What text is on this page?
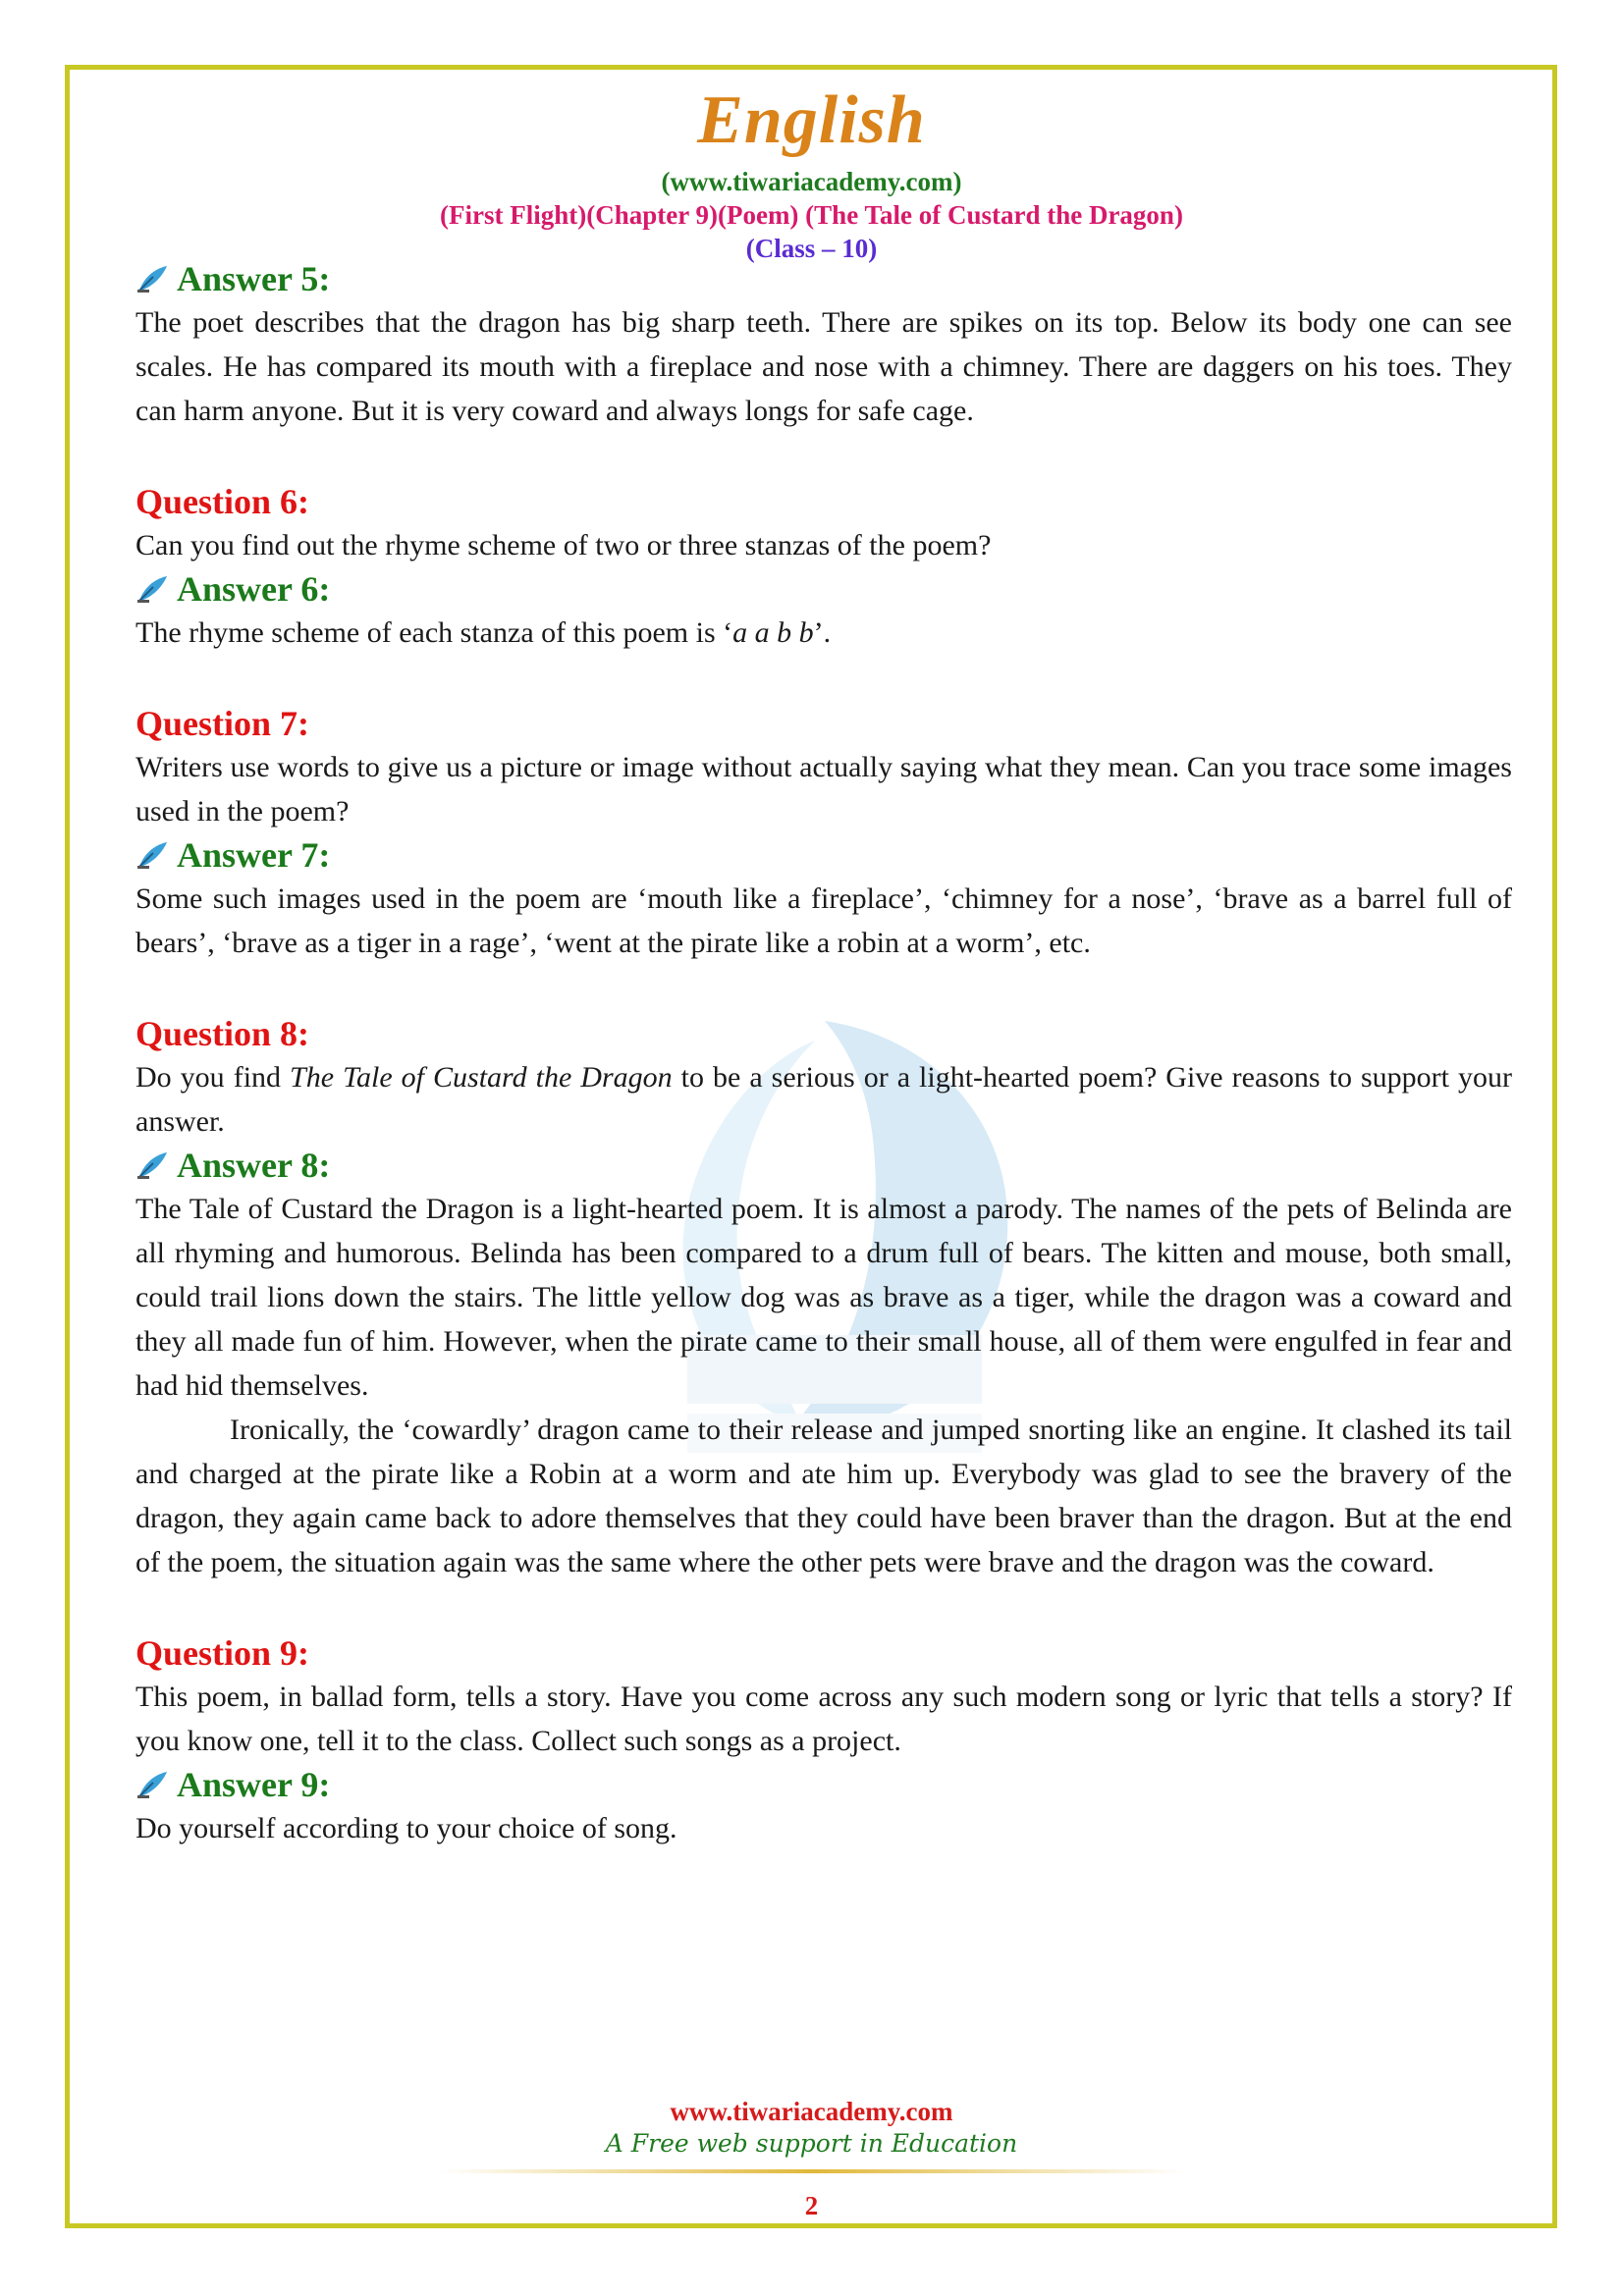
English
(www.tiwariacademy.com)
(First Flight)(Chapter 9)(Poem) (The Tale of Custard the Dragon)
(Class – 10)
Answer 5:

The poet describes that the dragon has big sharp teeth. There are spikes on its top. Below its body one can see scales. He has compared its mouth with a fireplace and nose with a chimney. There are daggers on his toes. They can harm anyone. But it is very coward and always longs for safe cage.

Question 6:

Can you find out the rhyme scheme of two or three stanzas of the poem?

Answer 6:

The rhyme scheme of each stanza of this poem is ‘a a b b’.

Question 7:

Writers use words to give us a picture or image without actually saying what they mean. Can you trace some images used in the poem?

Answer 7:

Some such images used in the poem are ‘mouth like a fireplace’, ‘chimney for a nose’, ‘brave as a barrel full of bears’, ‘brave as a tiger in a rage’, ‘went at the pirate like a robin at a worm’, etc.

Question 8:

Do you find The Tale of Custard the Dragon to be a serious or a light-hearted poem? Give reasons to support your answer.

Answer 8:

The Tale of Custard the Dragon is a light-hearted poem. It is almost a parody. The names of the pets of Belinda are all rhyming and humorous. Belinda has been compared to a drum full of bears. The kitten and mouse, both small, could trail lions down the stairs. The little yellow dog was as brave as a tiger, while the dragon was a coward and they all made fun of him. However, when the pirate came to their small house, all of them were engulfed in fear and had hid themselves.

Ironically, the ‘cowardly’ dragon came to their release and jumped snorting like an engine. It clashed its tail and charged at the pirate like a Robin at a worm and ate him up. Everybody was glad to see the bravery of the dragon, they again came back to adore themselves that they could have been braver than the dragon. But at the end of the poem, the situation again was the same where the other pets were brave and the dragon was the coward.

Question 9:

This poem, in ballad form, tells a story. Have you come across any such modern song or lyric that tells a story? If you know one, tell it to the class. Collect such songs as a project.

Answer 9:

Do yourself according to your choice of song.

www.tiwariacademy.com
A Free web support in Education
2
